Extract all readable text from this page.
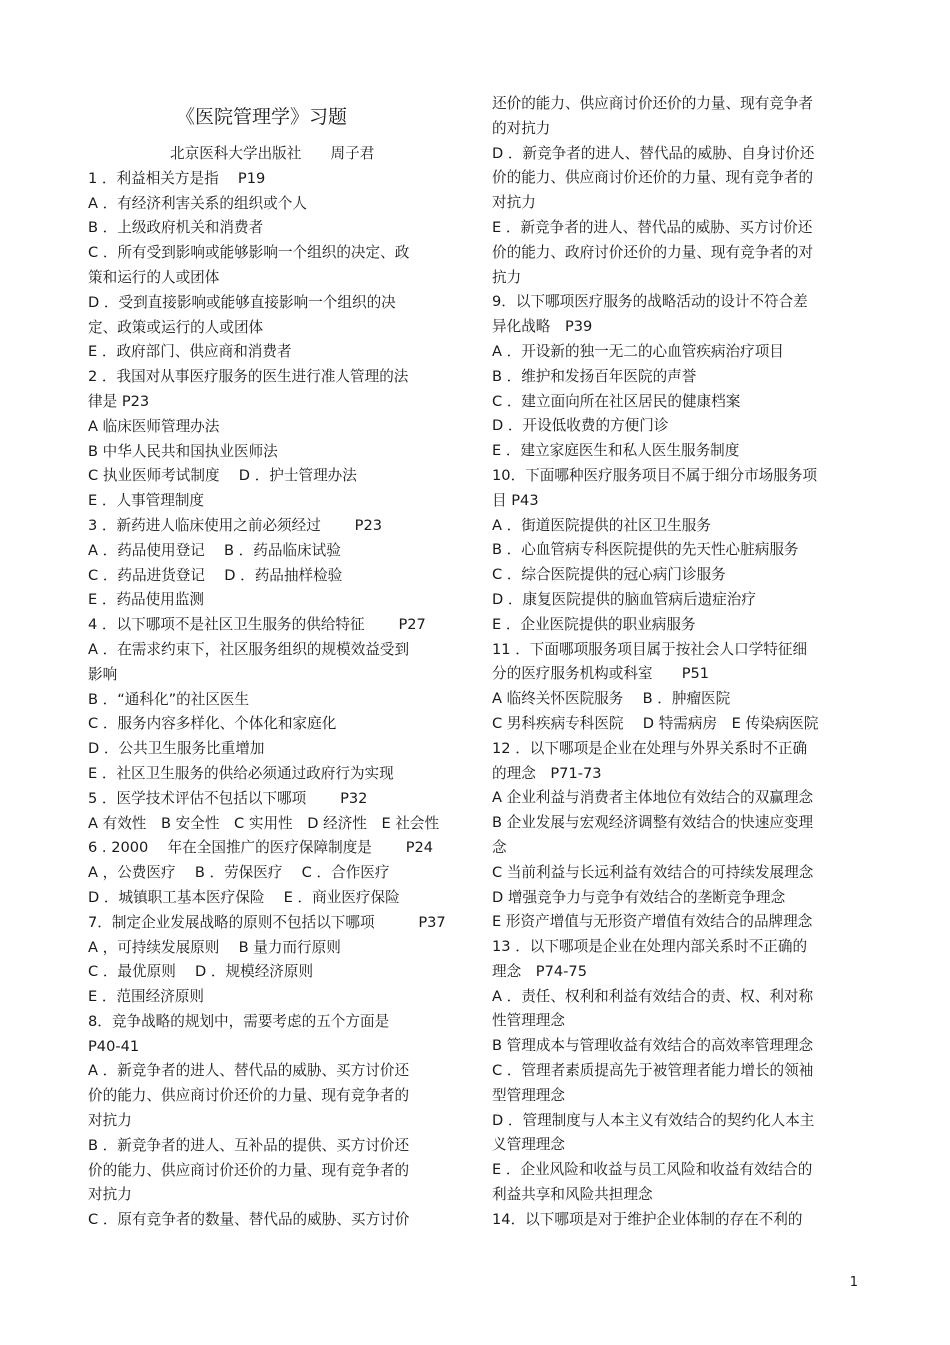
《医院管理学》习题
北京医科大学出版社　　周子君
1 ．利益相关方是指　 P19
A ．有经济利害关系的组织或个人
B ．上级政府机关和消费者
C ．所有受到影响或能够影响一个组织的决定、政
策和运行的人或团体
D ．受到直接影响或能够直接影响一个组织的决
定、政策或运行的人或团体
E ．政府部门、供应商和消费者
2 ．我国对从事医疗服务的医生进行准人管理的法
律是 P23
A 临床医师管理办法
B 中华人民共和国执业医师法
C 执业医师考试制度　 D ．护士管理办法
E ．人事管理制度
3 ．新药进人临床使用之前必须经过　　 P23
A ．药品使用登记　 B ．药品临床试验
C ．药品进货登记　 D ．药品抽样检验
E ．药品使用监测
4 ．以下哪项不是社区卫生服务的供给特征　　 P27
A ．在需求约束下，社区服务组织的规模效益受到
影响
B ．“通科化”的社区医生
C ．服务内容多样化、个体化和家庭化
D ．公共卫生服务比重增加
E ．社区卫生服务的供给必须通过政府行为实现
5 ．医学技术评估不包括以下哪项　　 P32
A 有效性　B 安全性　C 实用性　D 经济性　E 社会性
6 . 2000　 年在全国推广的医疗保障制度是　　 P24
A ，公费医疗　 B ．劳保医疗　 C ．合作医疗
D ．城镇职工基本医疗保险　 E ．商业医疗保险
7．制定企业发展战略的原则不包括以下哪项　　　P37
A ，可持续发展原则　 B 量力而行原则
C ．最优原则　 D ．规模经济原则
E ．范围经济原则
8．竞争战略的规划中，需要考虑的五个方面是
P40-41
A ．新竞争者的进人、替代品的威胁、买方讨价还
价的能力、供应商讨价还价的力量、现有竞争者的
对抗力
B ．新竞争者的进人、互补品的提供、买方讨价还
价的能力、供应商讨价还价的力量、现有竞争者的
对抗力
C ．原有竞争者的数量、替代品的威胁、买方讨价
还价的能力、供应商讨价还价的力量、现有竞争者
的对抗力
D ．新竞争者的进人、替代品的威胁、自身讨价还
价的能力、供应商讨价还价的力量、现有竞争者的
对抗力
E ．新竞争者的进人、替代品的威胁、买方讨价还
价的能力、政府讨价还价的力量、现有竞争者的对
抗力
9．以下哪项医疗服务的战略活动的设计不符合差
异化战略　P39
A ．开设新的独一无二的心血管疾病治疗项目
B ．维护和发扬百年医院的声誉
C ．建立面向所在社区居民的健康档案
D ．开设低收费的方便门诊
E ．建立家庭医生和私人医生服务制度
10．下面哪种医疗服务项目不属于细分市场服务项
目 P43
A ．街道医院提供的社区卫生服务
B ．心血管病专科医院提供的先天性心脏病服务
C ．综合医院提供的冠心病门诊服务
D ．康复医院提供的脑血管病后遗症治疗
E ．企业医院提供的职业病服务
11 ．下面哪项服务项目属于按社会人口学特征细
分的医疗服务机构或科室　　P51
A 临终关怀医院服务　 B ．肿瘤医院
C 男科疾病专科医院　 D 特需病房　E 传染病医院
12 ．以下哪项是企业在处理与外界关系时不正确
的理念　P71-73
A 企业利益与消费者主体地位有效结合的双赢理念
B 企业发展与宏观经济调整有效结合的快速应变理
念
C 当前利益与长远利益有效结合的可持续发展理念
D 增强竞争力与竞争有效结合的垄断竞争理念
E 形资产增值与无形资产增值有效结合的品牌理念
13 ．以下哪项是企业在处理内部关系时不正确的
理念　P74-75
A ．责任、权利和利益有效结合的责、权、利对称
性管理理念
B 管理成本与管理收益有效结合的高效率管理理念
C ．管理者素质提高先于被管理者能力增长的领袖
型管理理念
D ．管理制度与人本主义有效结合的契约化人本主
义管理理念
E ．企业风险和收益与员工风险和收益有效结合的
利益共享和风险共担理念
14．以下哪项是对于维护企业体制的存在不利的
1
